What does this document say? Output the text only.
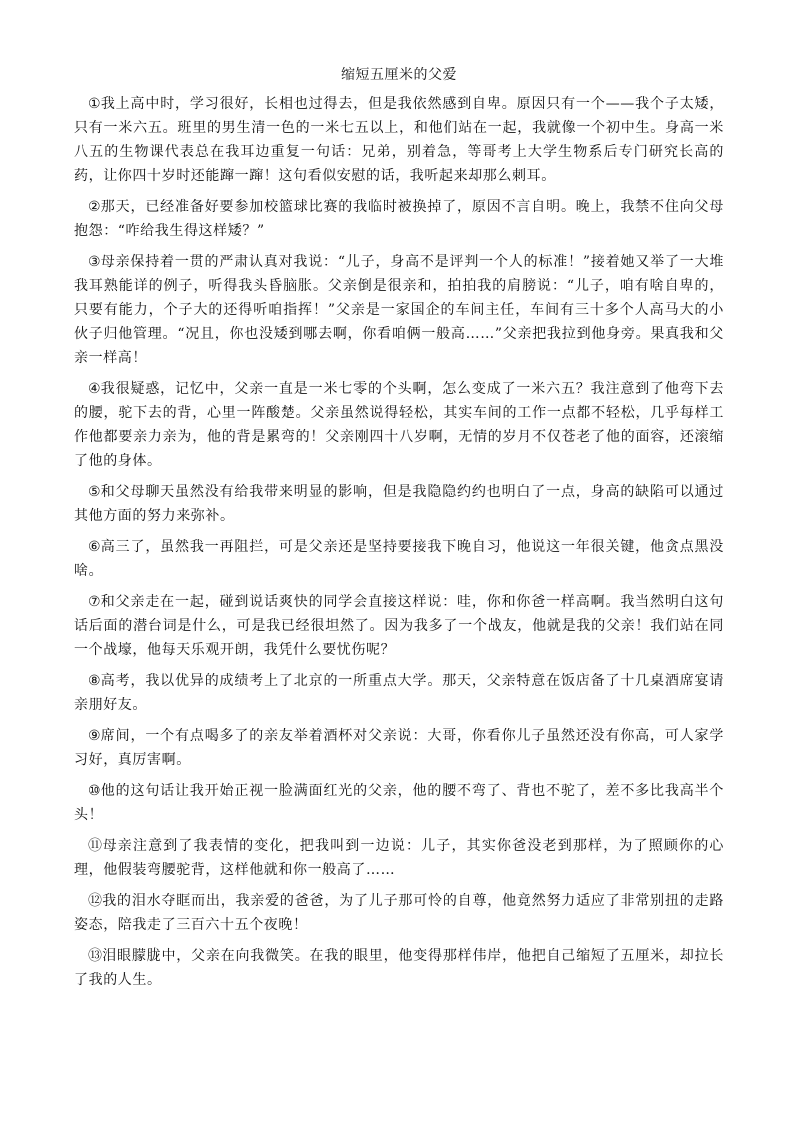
缩短五厘米的父爱

①我上高中时，学习很好，长相也过得去，但是我依然感到自卑。原因只有一个——我个子太矮，只有一米六五。班里的男生清一色的一米七五以上，和他们站在一起，我就像一个初中生。身高一米八五的生物课代表总在我耳边重复一句话：兄弟，别着急，等哥考上大学生物系后专门研究长高的药，让你四十岁时还能蹿一蹿！这句看似安慰的话，我听起来却那么刺耳。

②那天，已经准备好要参加校篮球比赛的我临时被换掉了，原因不言自明。晚上，我禁不住向父母抱怨：“咋给我生得这样矮？”

③母亲保持着一贯的严肃认真对我说：“儿子，身高不是评判一个人的标准！”接着她又举了一大堆我耳熟能详的例子，听得我头昏脑胀。父亲倒是很亲和，拍拍我的肩膀说：“儿子，咱有啥自卑的，只要有能力，个子大的还得听咱指挥！”父亲是一家国企的车间主任，车间有三十多个人高马大的小伙子归他管理。“况且，你也没矮到哪去啊，你看咱俩一般高……”父亲把我拉到他身旁。果真我和父亲一样高！

④我很疑惑，记忆中，父亲一直是一米七零的个头啊，怎么变成了一米六五？我注意到了他弯下去的腰，驼下去的背，心里一阵酸楚。父亲虽然说得轻松，其实车间的工作一点都不轻松，几乎每样工作他都要亲力亲为，他的背是累弯的！父亲刚四十八岁啊，无情的岁月不仅苍老了他的面容，还滚缩了他的身体。

⑤和父母聊天虽然没有给我带来明显的影响，但是我隐隐约约也明白了一点，身高的缺陷可以通过其他方面的努力来弥补。

⑥高三了，虽然我一再阻拦，可是父亲还是坚持要接我下晚自习，他说这一年很关键，他贪点黑没啥。

⑦和父亲走在一起，碰到说话爽快的同学会直接这样说：哇，你和你爸一样高啊。我当然明白这句话后面的潜台词是什么，可是我已经很坦然了。因为我多了一个战友，他就是我的父亲！我们站在同一个战壕，他每天乐观开朗，我凭什么要忧伤呢？

⑧高考，我以优异的成绩考上了北京的一所重点大学。那天，父亲特意在饭店备了十几桌酒席宴请亲朋好友。

⑨席间，一个有点喝多了的亲友举着酒杯对父亲说：大哥，你看你儿子虽然还没有你高，可人家学习好，真厉害啊。

⑩他的这句话让我开始正视一脸满面红光的父亲，他的腰不弯了、背也不驼了，差不多比我高半个头！

⑪母亲注意到了我表情的变化，把我叫到一边说：儿子，其实你爸没老到那样，为了照顾你的心理，他假装弯腰驼背，这样他就和你一般高了……

⑫我的泪水夺眶而出，我亲爱的爸爸，为了儿子那可怜的自尊，他竟然努力适应了非常别扭的走路姿态，陪我走了三百六十五个夜晚！

⑬泪眼朦胧中，父亲在向我微笑。在我的眼里，他变得那样伟岸，他把自己缩短了五厘米，却拉长了我的人生。
